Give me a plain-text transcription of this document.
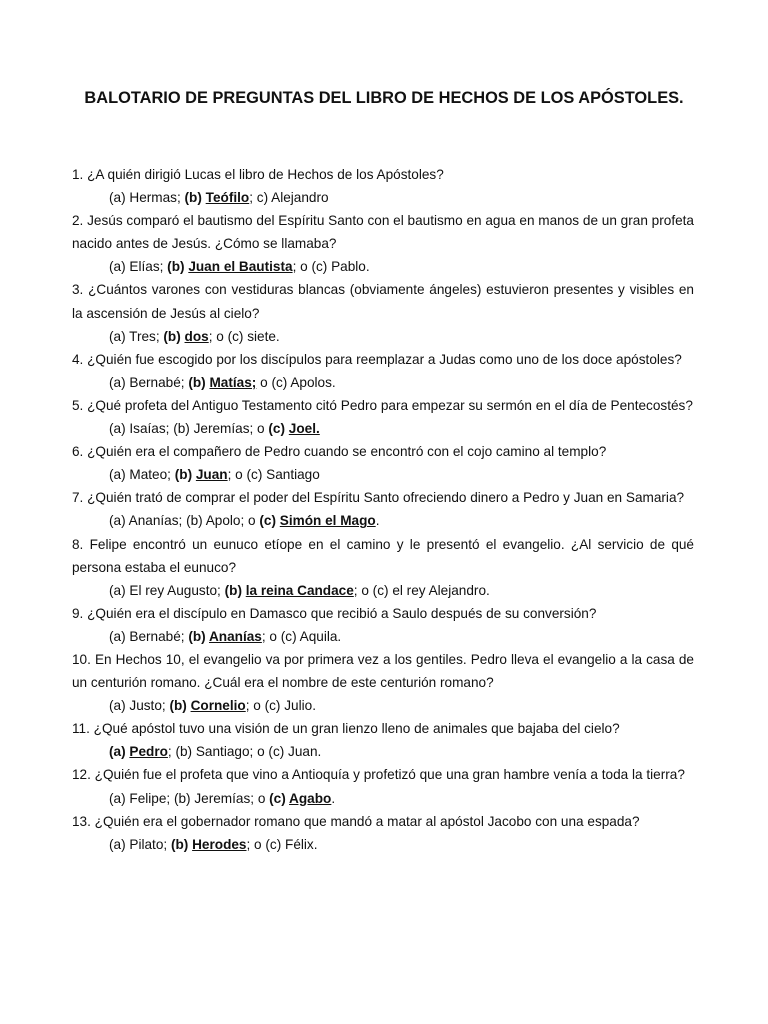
BALOTARIO DE PREGUNTAS DEL LIBRO DE HECHOS DE LOS APÓSTOLES.
1. ¿A quién dirigió Lucas el libro de Hechos de los Apóstoles?
(a) Hermas; (b) Teófilo; c) Alejandro
2. Jesús comparó el bautismo del Espíritu Santo con el bautismo en agua en manos de un gran profeta nacido antes de Jesús. ¿Cómo se llamaba?
(a) Elías; (b) Juan el Bautista; o (c) Pablo.
3. ¿Cuántos varones con vestiduras blancas (obviamente ángeles) estuvieron presentes y visibles en la ascensión de Jesús al cielo?
(a) Tres; (b) dos; o (c) siete.
4. ¿Quién fue escogido por los discípulos para reemplazar a Judas como uno de los doce apóstoles?
(a) Bernabé; (b) Matías; o (c) Apolos.
5. ¿Qué profeta del Antiguo Testamento citó Pedro para empezar su sermón en el día de Pentecostés?
(a) Isaías; (b) Jeremías; o (c) Joel.
6. ¿Quién era el compañero de Pedro cuando se encontró con el cojo camino al templo?
(a) Mateo; (b) Juan; o (c) Santiago
7. ¿Quién trató de comprar el poder del Espíritu Santo ofreciendo dinero a Pedro y Juan en Samaria?
(a) Ananías; (b) Apolo; o (c) Simón el Mago.
8. Felipe encontró un eunuco etíope en el camino y le presentó el evangelio. ¿Al servicio de qué persona estaba el eunuco?
(a) El rey Augusto; (b) la reina Candace; o (c) el rey Alejandro.
9. ¿Quién era el discípulo en Damasco que recibió a Saulo después de su conversión?
(a) Bernabé; (b) Ananías; o (c) Aquila.
10. En Hechos 10, el evangelio va por primera vez a los gentiles. Pedro lleva el evangelio a la casa de un centurión romano. ¿Cuál era el nombre de este centurión romano?
(a) Justo; (b) Cornelio; o (c) Julio.
11. ¿Qué apóstol tuvo una visión de un gran lienzo lleno de animales que bajaba del cielo?
(a) Pedro; (b) Santiago; o (c) Juan.
12. ¿Quién fue el profeta que vino a Antioquía y profetizó que una gran hambre venía a toda la tierra?
(a) Felipe; (b) Jeremías; o (c) Agabo.
13. ¿Quién era el gobernador romano que mandó a matar al apóstol Jacobo con una espada?
(a) Pilato; (b) Herodes; o (c) Félix.
